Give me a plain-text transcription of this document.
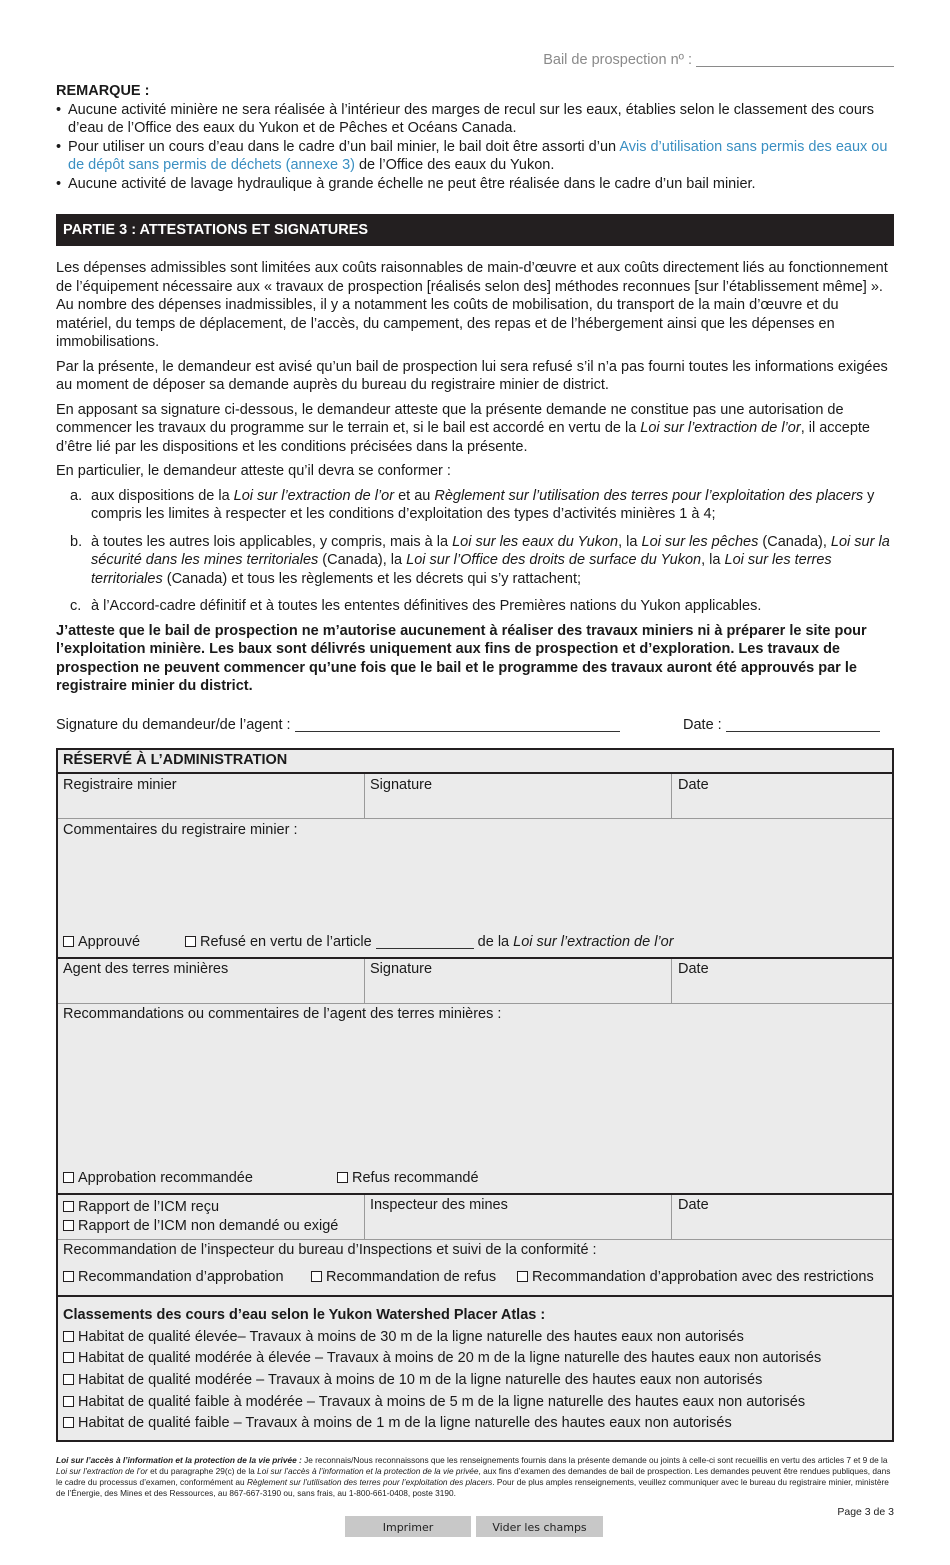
Bail de prospection nº :
REMARQUE :
• Aucune activité minière ne sera réalisée à l’intérieur des marges de recul sur les eaux, établies selon le classement des cours d’eau de l’Office des eaux du Yukon et de Pêches et Océans Canada.
• Pour utiliser un cours d’eau dans le cadre d’un bail minier, le bail doit être assorti d’un Avis d’utilisation sans permis des eaux ou de dépôt sans permis de déchets (annexe 3) de l’Office des eaux du Yukon.
• Aucune activité de lavage hydraulique à grande échelle ne peut être réalisée dans le cadre d’un bail minier.
PARTIE 3 : ATTESTATIONS ET SIGNATURES

Les dépenses admissibles sont limitées aux coûts raisonnables de main-d’œuvre et aux coûts directement liés au fonctionnement de l’équipement nécessaire aux « travaux de prospection [réalisés selon des] méthodes reconnues [sur l’établissement même] ». Au nombre des dépenses inadmissibles, il y a notamment les coûts de mobilisation, du transport de la main d’œuvre et du matériel, du temps de déplacement, de l’accès, du campement, des repas et de l’hébergement ainsi que les dépenses en immobilisations.

Par la présente, le demandeur est avisé qu’un bail de prospection lui sera refusé s’il n’a pas fourni toutes les informations exigées au moment de déposer sa demande auprès du bureau du registraire minier de district.

En apposant sa signature ci-dessous, le demandeur atteste que la présente demande ne constitue pas une autorisation de commencer les travaux du programme sur le terrain et, si le bail est accordé en vertu de la Loi sur l’extraction de l’or, il accepte d’être lié par les dispositions et les conditions précisées dans la présente.

En particulier, le demandeur atteste qu’il devra se conformer :

a. aux dispositions de la Loi sur l’extraction de l’or et au Règlement sur l’utilisation des terres pour l’exploitation des placers y compris les limites à respecter et les conditions d’exploitation des types d’activités minières 1 à 4;
b. à toutes les autres lois applicables, y compris, mais à la Loi sur les eaux du Yukon, la Loi sur les pêches (Canada), Loi sur la sécurité dans les mines territoriales (Canada), la Loi sur l’Office des droits de surface du Yukon, la Loi sur les terres territoriales (Canada) et tous les règlements et les décrets qui s’y rattachent;
c. à l’Accord-cadre définitif et à toutes les ententes définitives des Premières nations du Yukon applicables.

J’atteste que le bail de prospection ne m’autorise aucunement à réaliser des travaux miniers ni à préparer le site pour l’exploitation minière. Les baux sont délivrés uniquement aux fins de prospection et d’exploration. Les travaux de prospection ne peuvent commencer qu’une fois que le bail et le programme des travaux auront été approuvés par le registraire minier du district.

Signature du demandeur/de l’agent :	Date :
RÉSERVÉ À L’ADMINISTRATION
Registraire minier	Signature	Date
Commentaires du registraire minier :
Approuvé	Refusé en vertu de l’article	de la Loi sur l’extraction de l’or
Agent des terres minières	Signature	Date
Recommandations ou commentaires de l’agent des terres minières :
Approbation recommandée	Refus recommandé
Rapport de l’ICM reçu
Rapport de l’ICM non demandé ou exigé
Inspecteur des mines	Date
Recommandation de l’inspecteur du bureau d’Inspections et suivi de la conformité :
Recommandation d’approbation	Recommandation de refus	Recommandation d’approbation avec des restrictions
Classements des cours d’eau selon le Yukon Watershed Placer Atlas :
Habitat de qualité élevée– Travaux à moins de 30 m de la ligne naturelle des hautes eaux non autorisés
Habitat de qualité modérée à élevée – Travaux à moins de 20 m de la ligne naturelle des hautes eaux non autorisés
Habitat de qualité modérée – Travaux à moins de 10 m de la ligne naturelle des hautes eaux non autorisés
Habitat de qualité faible à modérée – Travaux à moins de 5 m de la ligne naturelle des hautes eaux non autorisés
Habitat de qualité faible – Travaux à moins de 1 m de la ligne naturelle des hautes eaux non autorisés
Loi sur l’accès à l’information et la protection de la vie privée : Je reconnais/Nous reconnaissons que les renseignements fournis dans la présente demande ou joints à celle-ci sont recueillis en vertu des articles 7 et 9 de la Loi sur l’extraction de l’or et du paragraphe 29(c) de la Loi sur l’accès à l’information et la protection de la vie privée, aux fins d’examen des demandes de bail de prospection. Les demandes peuvent être rendues publiques, dans le cadre du processus d’examen, conformément au Règlement sur l’utilisation des terres pour l’exploitation des placers. Pour de plus amples renseignements, veuillez communiquer avec le bureau du registraire minier, ministère de l’Énergie, des Mines et des Ressources, au 867-667-3190 ou, sans frais, au 1-800-661-0408, poste 3190.
Page 3 de 3
Imprimer	Vider les champs
